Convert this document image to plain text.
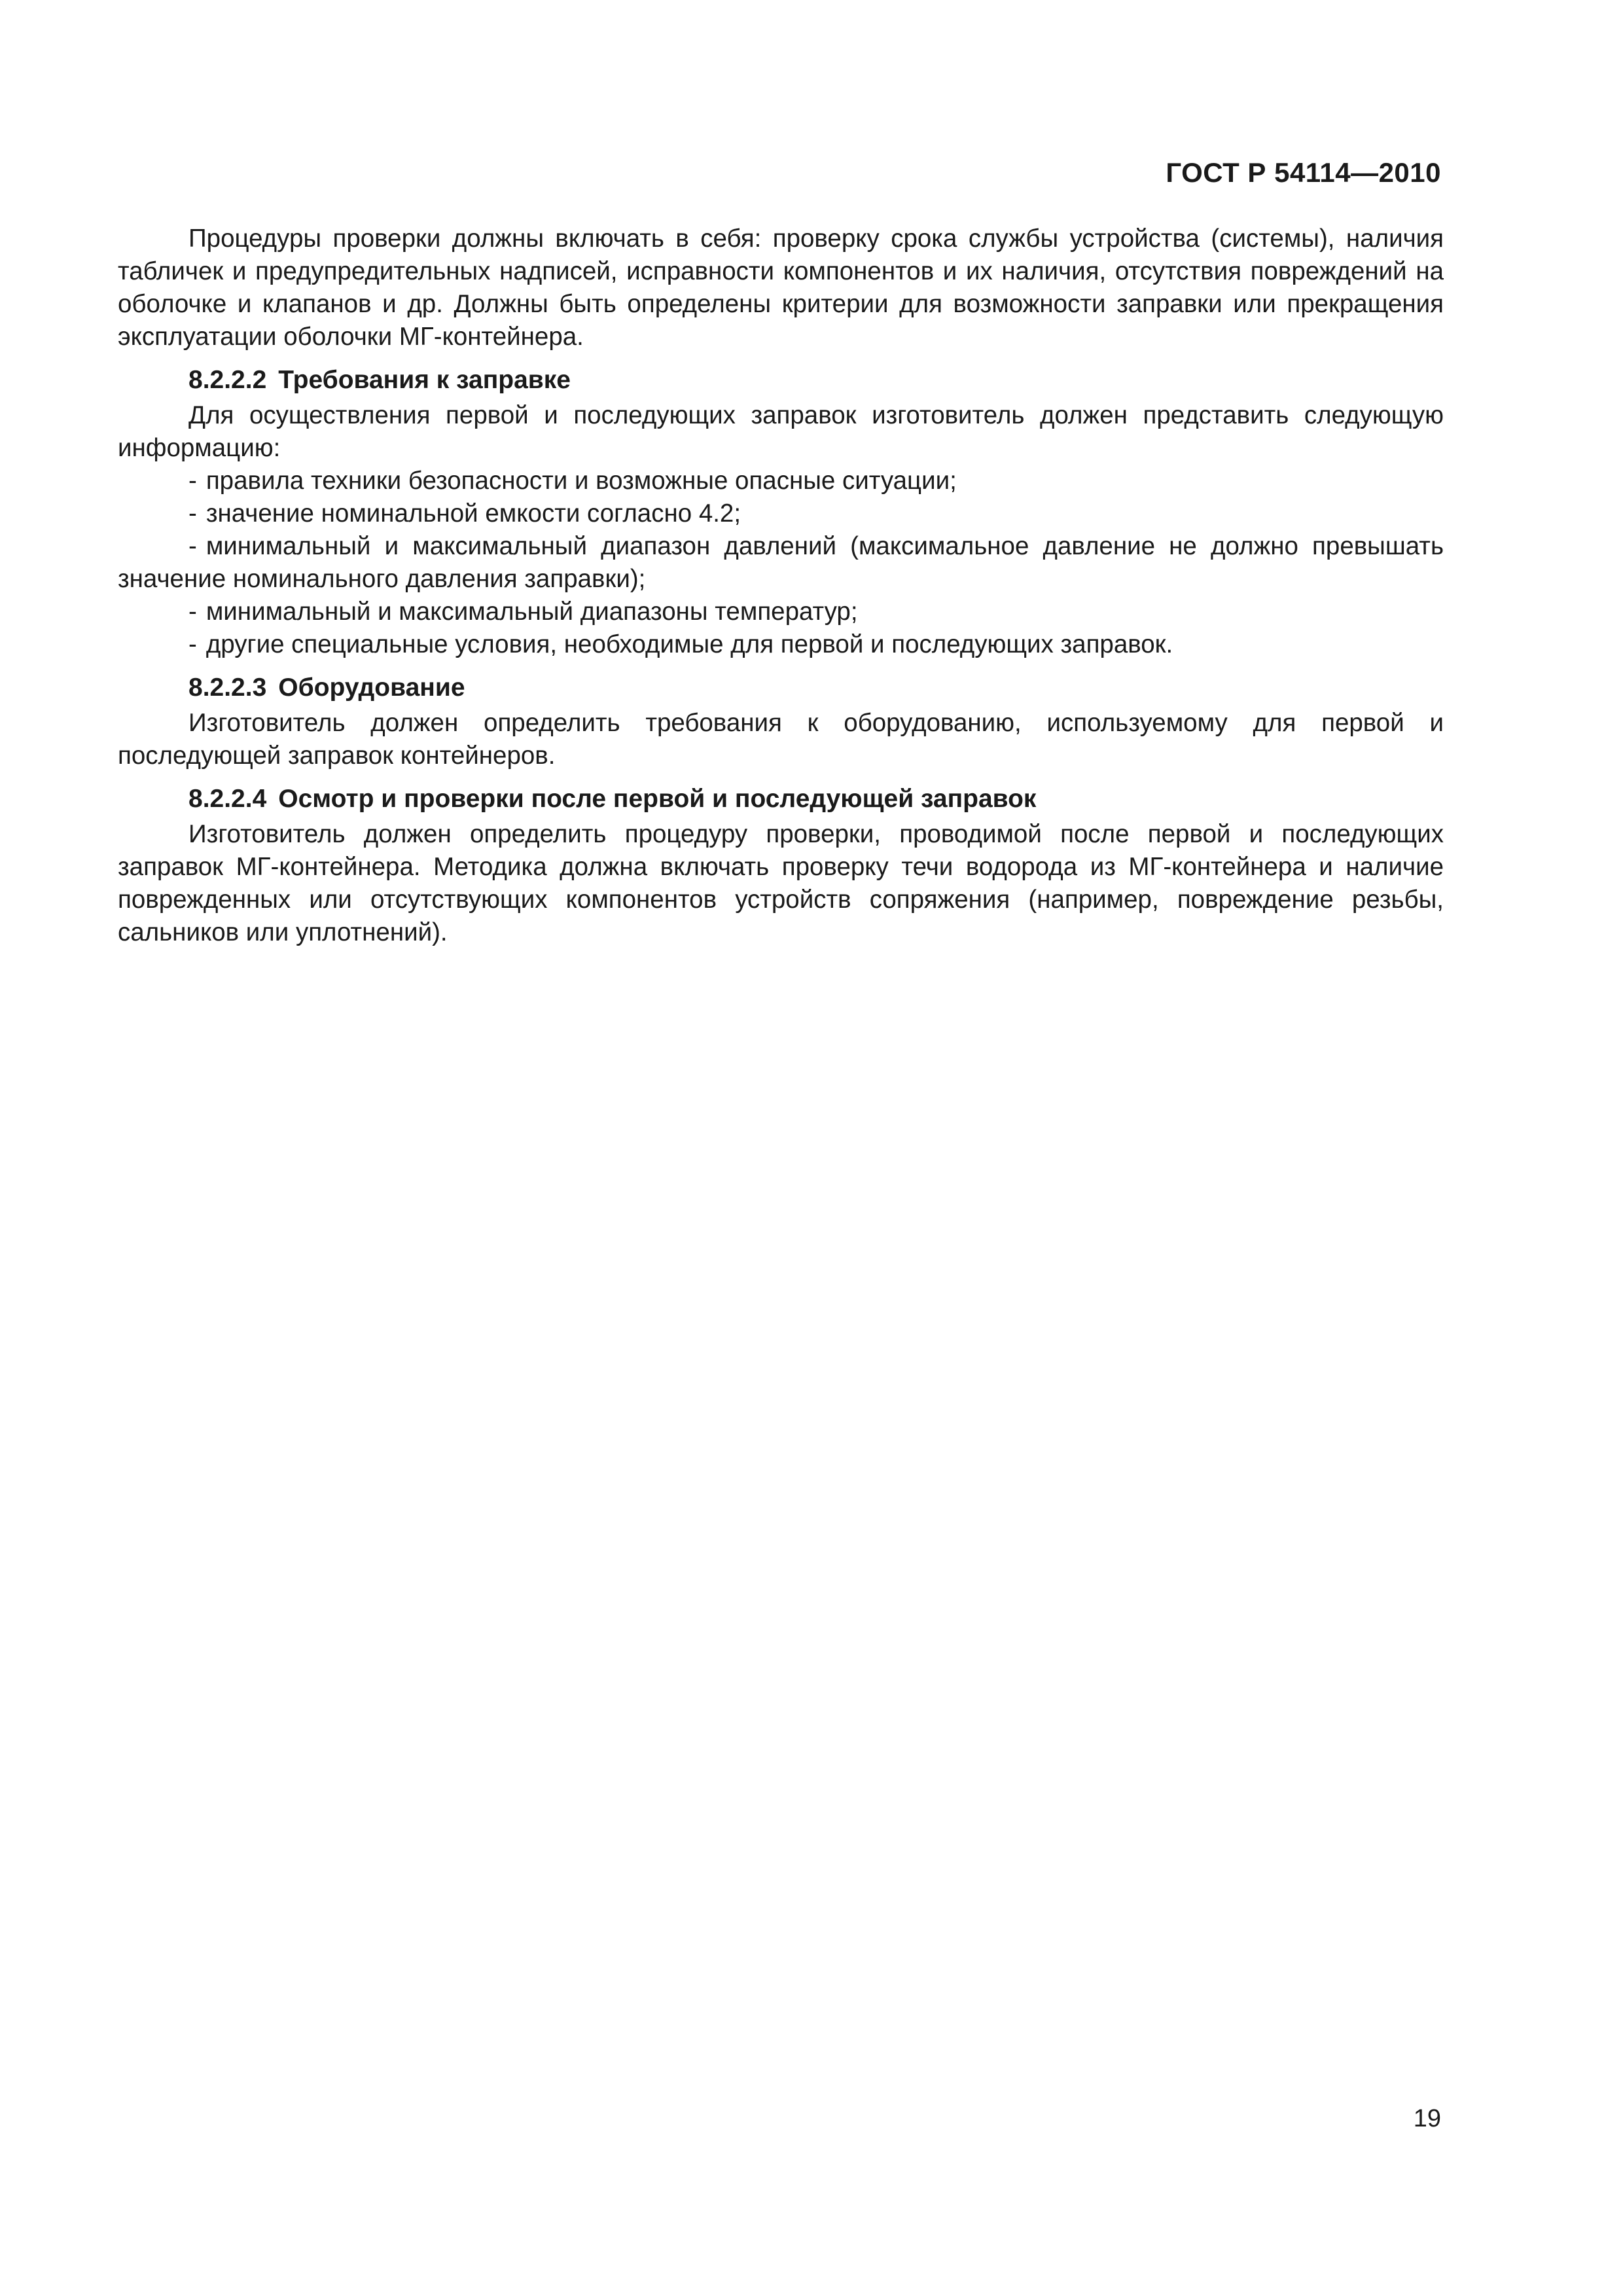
ГОСТ Р 54114—2010

Процедуры проверки должны включать в себя: проверку срока службы устройства (системы), наличия табличек и предупредительных надписей, исправности компонентов и их наличия, отсутствия повреждений на оболочке и клапанов и др. Должны быть определены критерии для возможности заправки или прекращения эксплуатации оболочки МГ-контейнера.

8.2.2.2 Требования к заправке

Для осуществления первой и последующих заправок изготовитель должен представить следующую информацию:

- правила техники безопасности и возможные опасные ситуации;
- значение номинальной емкости согласно 4.2;
- минимальный и максимальный диапазон давлений (максимальное давление не должно превышать значение номинального давления заправки);
- минимальный и максимальный диапазоны температур;
- другие специальные условия, необходимые для первой и последующих заправок.
8.2.2.3 Оборудование

Изготовитель должен определить требования к оборудованию, используемому для первой и последующей заправок контейнеров.

8.2.2.4 Осмотр и проверки после первой и последующей заправок

Изготовитель должен определить процедуру проверки, проводимой после первой и последующих заправок МГ-контейнера. Методика должна включать проверку течи водорода из МГ-контейнера и наличие поврежденных или отсутствующих компонентов устройств сопряжения (например, повреждение резьбы, сальников или уплотнений).

19
